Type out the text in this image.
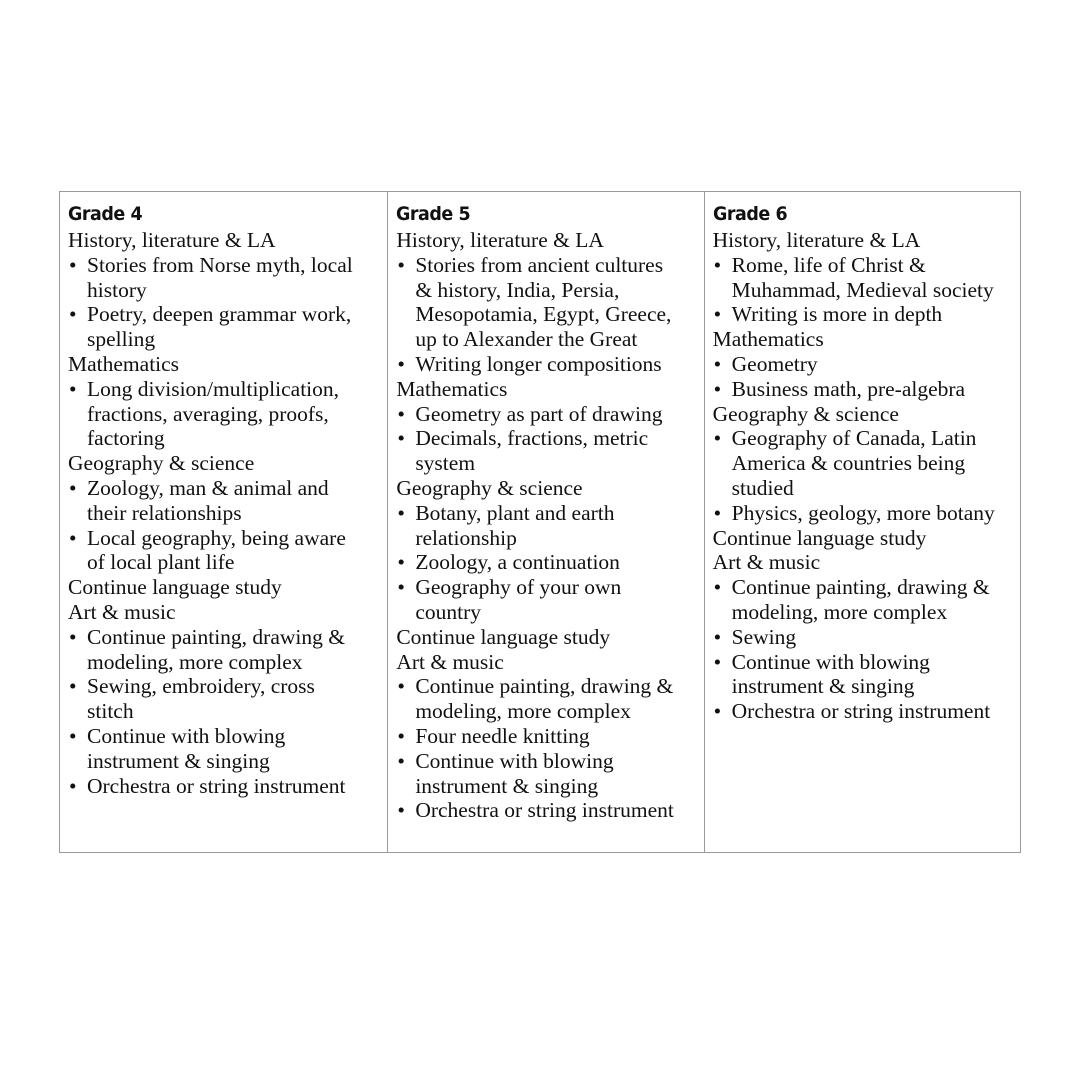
Grade 4
History, literature & LA
• Stories from Norse myth, local
history
• Poetry, deepen grammar work,
spelling
Mathematics
• Long division/multiplication,
fractions, averaging, proofs,
factoring
Geography & science
• Zoology, man & animal and
their relationships
• Local geography, being aware
of local plant life
Continue language study
Art & music
• Continue painting, drawing &
modeling, more complex
• Sewing, embroidery, cross
stitch
• Continue with blowing
instrument & singing
• Orchestra or string instrument
Grade 5
History, literature & LA
• Stories from ancient cultures
& history, India, Persia,
Mesopotamia, Egypt, Greece,
up to Alexander the Great
• Writing longer compositions
Mathematics
• Geometry as part of drawing
• Decimals, fractions, metric
system
Geography & science
• Botany, plant and earth
relationship
• Zoology, a continuation
• Geography of your own
country
Continue language study
Art & music
• Continue painting, drawing &
modeling, more complex
• Four needle knitting
• Continue with blowing
instrument & singing
• Orchestra or string instrument
Grade 6
History, literature & LA
• Rome, life of Christ &
Muhammad, Medieval society
• Writing is more in depth
Mathematics
• Geometry
• Business math, pre-algebra
Geography & science
• Geography of Canada, Latin
America & countries being
studied
• Physics, geology, more botany
Continue language study
Art & music
• Continue painting, drawing &
modeling, more complex
• Sewing
• Continue with blowing
instrument & singing
• Orchestra or string instrument
